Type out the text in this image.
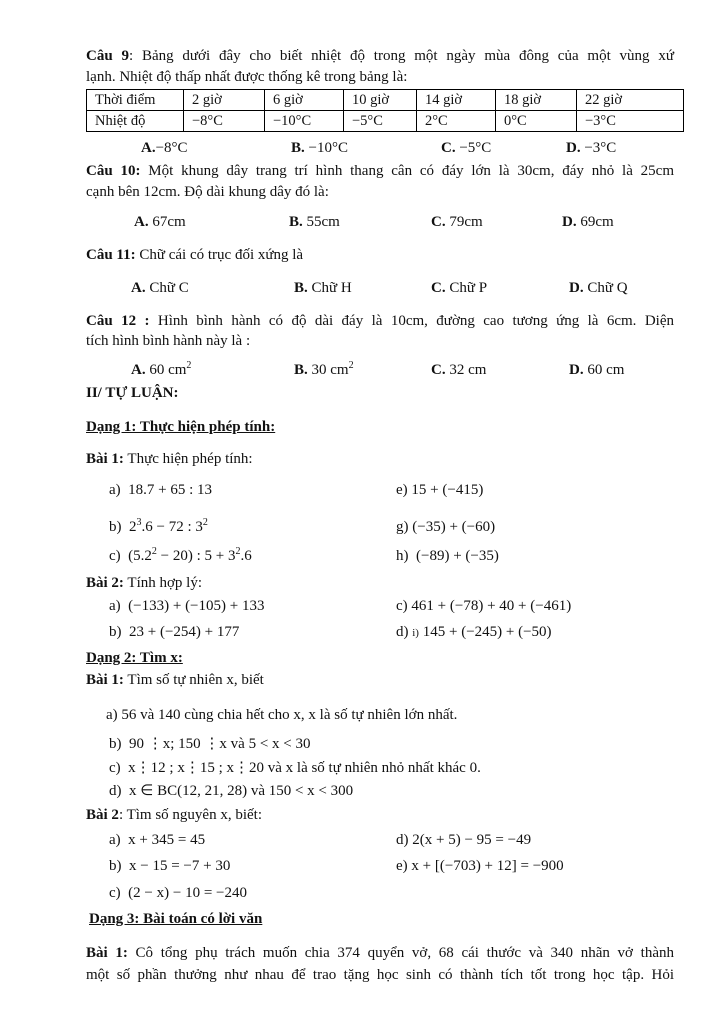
Câu 9: Bảng dưới đây cho biết nhiệt độ trong một ngày mùa đông của một vùng xứ
lạnh. Nhiệt độ thấp nhất được thống kê trong bảng là:
Thời điểm	2 giờ	6 giờ	10 giờ	14 giờ	18 giờ	22 giờ
Nhiệt độ	−8°C	−10°C	−5°C	2°C	0°C	−3°C
A.−8°C	B. −10°C	C. −5°C	D. −3°C
Câu 10: Một khung dây trang trí hình thang cân có đáy lớn là 30cm, đáy nhỏ là 25cm
cạnh bên 12cm. Độ dài khung dây đó là:
A. 67cm	B. 55cm	C. 79cm	D. 69cm
Câu 11: Chữ cái có trục đối xứng là
A. Chữ C	B. Chữ H	C. Chữ P	D. Chữ Q
Câu 12 : Hình bình hành có độ dài đáy là 10cm, đường cao tương ứng là 6cm. Diện
tích hình bình hành này là :
A. 60 $cm^2$	B. 30 $cm^2$	C. 32 cm	D. 60 cm
II/ TỰ LUẬN:
Dạng 1: Thực hiện phép tính:
Bài 1: Thực hiện phép tính:
a) 18.7 + 65 : 13	e) 15 + (−415)
b) $2^3.6 - 72$ : $3^2$	g) (−35) + (−60)
c) $(5.2^2 - 20)$ : $5 + 3^2.6$	h) (−89) + (−35)
Bài 2: Tính hợp lý:
a) (−133) + (−105) + 133	c) 461 + (−78) + 40 + (−461)
b) 23 + (−254) + 177	d) i) 145 + (−245) + (−50)
Dạng 2: Tìm x:
Bài 1: Tìm số tự nhiên x, biết
a) 56 và 140 cùng chia hết cho x, x là số tự nhiên lớn nhất.
b) 90 ⋮x; 150 ⋮x và 5 < x < 30
c) x⋮12 ; x⋮15 ; x⋮20 và x là số tự nhiên nhỏ nhất khác 0.
d) x ∈ BC(12, 21, 28) và 150 < x < 300
Bài 2: Tìm số nguyên x, biết:
a) x + 345 = 45	d) 2(x + 5) − 95 = −49
b) x − 15 = −7 + 30	e) x + [(−703) + 12] = −900
c) (2 − x) − 10 = −240
Dạng 3: Bài toán có lời văn
Bài 1: Cô tổng phụ trách muốn chia 374 quyển vở, 68 cái thước và 340 nhãn vở thành
một số phần thưởng như nhau để trao tặng học sinh có thành tích tốt trong học tập. Hỏi
